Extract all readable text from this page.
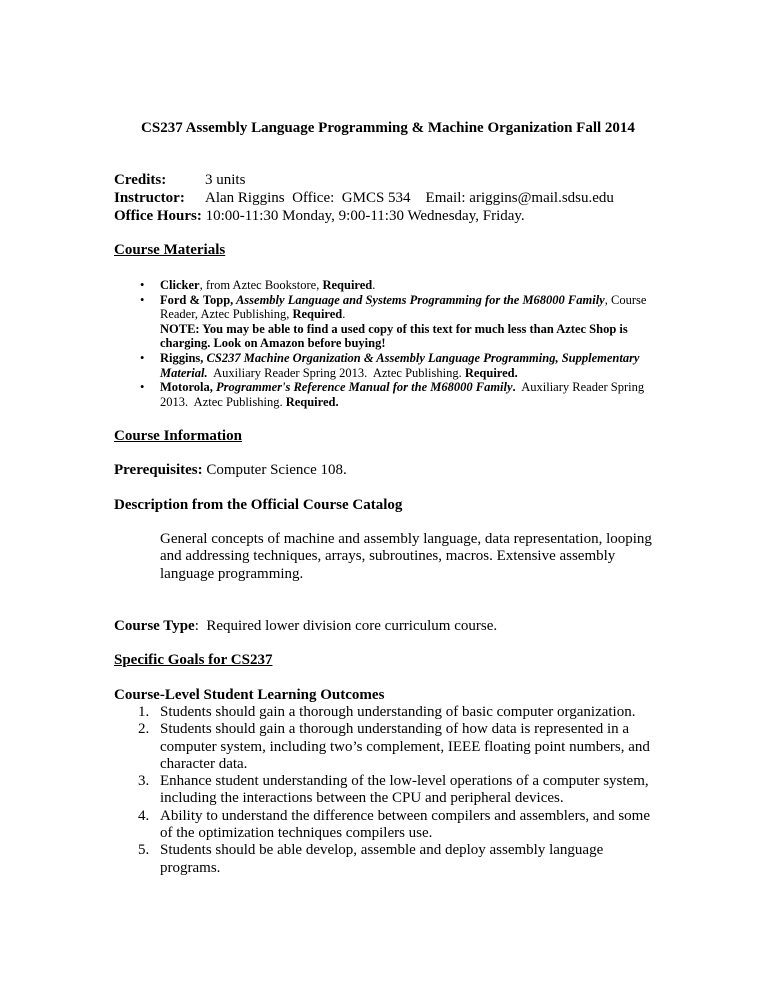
CS237 Assembly Language Programming & Machine Organization Fall 2014
Credits:	3 units
Instructor: Alan Riggins  Office:  GMCS 534    Email: ariggins@mail.sdsu.edu
Office Hours: 10:00-11:30 Monday, 9:00-11:30 Wednesday, Friday.
Course Materials
• Clicker, from Aztec Bookstore, Required.
• Ford & Topp, Assembly Language and Systems Programming for the M68000 Family, Course Reader, Aztec Publishing, Required.
NOTE: You may be able to find a used copy of this text for much less than Aztec Shop is charging. Look on Amazon before buying!
• Riggins, CS237 Machine Organization & Assembly Language Programming, Supplementary Material.  Auxiliary Reader Spring 2013.  Aztec Publishing. Required.
• Motorola, Programmer's Reference Manual for the M68000 Family.  Auxiliary Reader Spring 2013.  Aztec Publishing. Required.
Course Information
Prerequisites: Computer Science 108.
Description from the Official Course Catalog
General concepts of machine and assembly language, data representation, looping and addressing techniques, arrays, subroutines, macros. Extensive assembly language programming.
Course Type:  Required lower division core curriculum course.
Specific Goals for CS237
Course-Level Student Learning Outcomes
1. Students should gain a thorough understanding of basic computer organization.
2. Students should gain a thorough understanding of how data is represented in a computer system, including two’s complement, IEEE floating point numbers, and character data.
3. Enhance student understanding of the low-level operations of a computer system, including the interactions between the CPU and peripheral devices.
4. Ability to understand the difference between compilers and assemblers, and some of the optimization techniques compilers use.
5. Students should be able develop, assemble and deploy assembly language programs.
